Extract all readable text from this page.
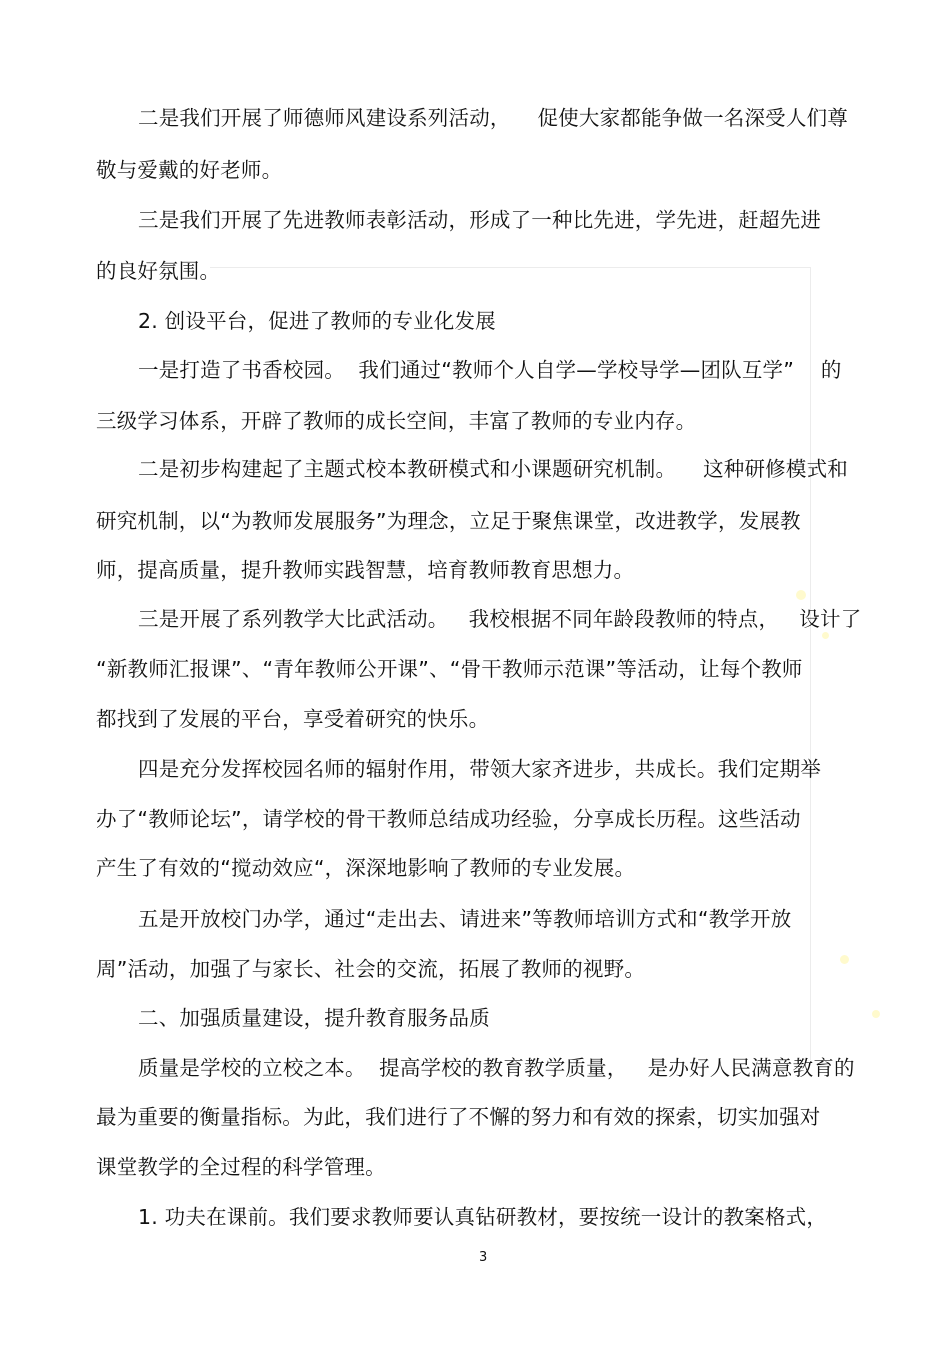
二是我们开展了师德师风建设系列活动，    促使大家都能争做一名深受人们尊

敬与爱戴的好老师。

三是我们开展了先进教师表彰活动，形成了一种比先进，学先进，赶超先进

的良好氛围。

2. 创设平台，促进了教师的专业化发展

一是打造了书香校园。  我们通过“教师个人自学—学校导学—团队互学”    的

三级学习体系，开辟了教师的成长空间，丰富了教师的专业内存。

二是初步构建起了主题式校本教研模式和小课题研究机制。    这种研修模式和

研究机制，以“为教师发展服务”为理念，立足于聚焦课堂，改进教学，发展教

师，提高质量，提升教师实践智慧，培育教师教育思想力。

三是开展了系列教学大比武活动。   我校根据不同年龄段教师的特点，   设计了

“新教师汇报课”、“青年教师公开课”、“骨干教师示范课”等活动，让每个教师

都找到了发展的平台，享受着研究的快乐。

四是充分发挥校园名师的辐射作用，带领大家齐进步，共成长。我们定期举

办了“教师论坛”，请学校的骨干教师总结成功经验，分享成长历程。这些活动

产生了有效的“搅动效应“，深深地影响了教师的专业发展。

五是开放校门办学，通过“走出去、请进来”等教师培训方式和“教学开放

周”活动，加强了与家长、社会的交流，拓展了教师的视野。

二、加强质量建设，提升教育服务品质

质量是学校的立校之本。  提高学校的教育教学质量，   是办好人民满意教育的

最为重要的衡量指标。为此，我们进行了不懈的努力和有效的探索，切实加强对

课堂教学的全过程的科学管理。

1. 功夫在课前。我们要求教师要认真钻研教材，要按统一设计的教案格式，

3
